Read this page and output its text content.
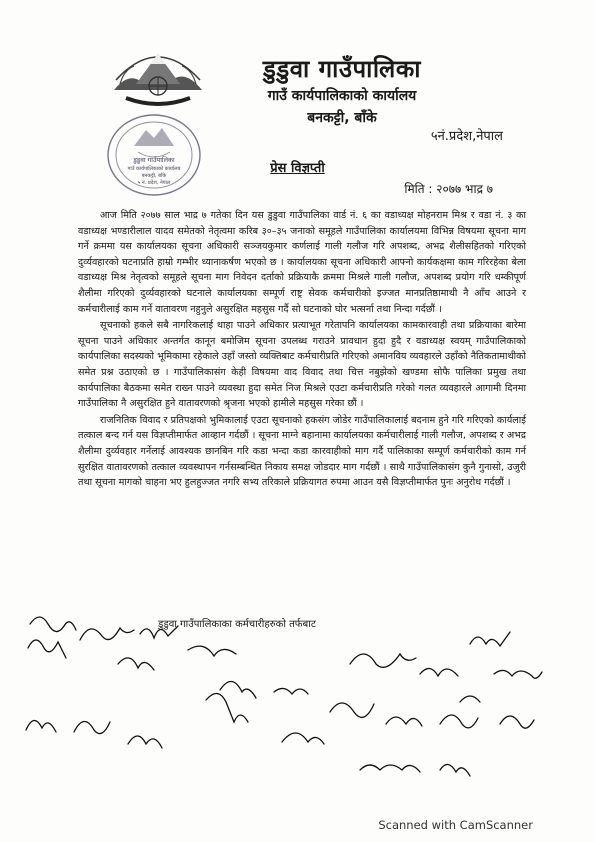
डुडुवा गाउँपालिका
गाउँ कार्यपालिकाको कार्यालय
बनकट्टी, बाँके
५ नं. प्रदेश, नेपाल
डुडुवा गाउँपालिका
गाउँ कार्यपालिकाको कार्यालय
बनकट्टी, बाँके
५नं.प्रदेश,नेपाल
प्रेस विज्ञप्ती
मिति : २०७७ भाद्र ७

आज मिति २०७७ साल भाद्र ७ गतेका दिन यस डुडुवा गाउँपालिका वार्ड नं. ६ का वडाध्यक्ष मोहनराम मिश्र र वडा नं. ३ का वडाध्यक्ष भण्डारीलाल यादव समेतको नेतृत्वमा करिब ३०–३५ जनाको समूहले गाउँपालिका कार्यालयमा विभिन्न विषयमा सूचना माग गर्ने क्रममा यस कार्यालयका सूचना अधिकारी सञ्जयकुमार कर्णलाई गाली गलौज गरि अपशब्द, अभद्र शैलीसहितको गरिएको दुर्व्यवहारको घटनाप्रति हाम्रो गम्भीर ध्यानाकर्षण भएको छ । कार्यालयका सूचना अधिकारी आफ्नो कार्यकक्षमा काम गरिरहेका बेला वडाध्यक्ष मिश्र नेतृत्वको समूहले सूचना माग निवेदन दर्ताको प्रक्रियाकै क्रममा मिश्रले गाली गलौज, अपशब्द प्रयोग गरि धम्कीपूर्ण शैलीमा गरिएको दुर्व्यवहारको घटनाले कार्यालयका सम्पूर्ण राष्ट्र सेवक कर्मचारीको इज्जत मानप्रतिष्ठामाथी नै आँच आउने र कर्मचारीलाई काम गर्ने वातावरण नहुनुले असुरक्षित महसुस गर्दै सो घटनाको घोर भत्सर्ना तथा निन्दा गर्दछौं ।

सूचनाको हकले सबै नागरिकलाई थाहा पाउने अधिकार प्रत्याभूत गरेतापनि कार्यालयका कामकारवाही तथा प्रक्रियाका बारेमा सूचना पाउने अधिकार अन्तर्गत कानून बमोजिम सूचना उपलब्ध गराउने प्रावधान हुदा हुदै र वडाध्यक्ष स्वयम् गाउँपालिकाको कार्यपालिका सदस्यको भूमिकामा रहेकाले उहाँ जस्तो व्यक्तिबाट कर्मचारीप्रति गरिएको अमानविय व्यवहारले उहाँको नैतिकतामाथीको समेत प्रश्न उठाएको छ । गाउँपालिकासंग केही विषयमा वाद विवाद तथा चित्त नबुझेको खण्डमा सोफै पालिका प्रमुख तथा कार्यपालिका बैठकमा समेत राख्न पाउने व्यवस्था हुदा समेत निज मिश्रले एउटा कर्मचारीप्रति गरेको गलत व्यवहारले आगामी दिनमा गाउँपालिका नै असुरक्षित हुने वातावरणको श्रृजना भएको हामीले महसुस गरेका छौं ।

राजनितिक विवाद र प्रतिपक्षको भुमिकालाई एउटा सूचनाको हकसंग जोडेर गाउँपालिकालाई बदनाम हुने गरि गरिएको कार्यलाई तत्काल बन्द गर्न यस विज्ञप्तीमार्फत आव्हान गर्दछौं । सूचना माग्ने बहानामा कार्यालयका कर्मचारीलाई गाली गलौज, अपशब्द र अभद्र शैलीमा दुर्व्यवहार गर्नेलाई आवश्यक छानबिन गरि कडा भन्दा कडा कारवाहीको माग गर्दै पालिकाका सम्पूर्ण कर्मचारीको काम गर्न सुरक्षित वातावरणको तत्काल व्यवस्थापन गर्नसम्बन्धित निकाय समक्ष जोडदार माग गर्दछौं । साथै गाउँपालिकासंग कुनै गुनासो, उजुरी तथा सूचना मागको चाहना भए हुलहुज्जत नगरि सभ्य तरिकाले प्रक्रियागत रुपमा आउन यसै विज्ञप्तीमार्फत पुनः अनुरोध गर्दछौं ।

डुडुवा गाउँपालिकाका कर्मचारीहरुको तर्फबाट
Scanned with CamScanner
